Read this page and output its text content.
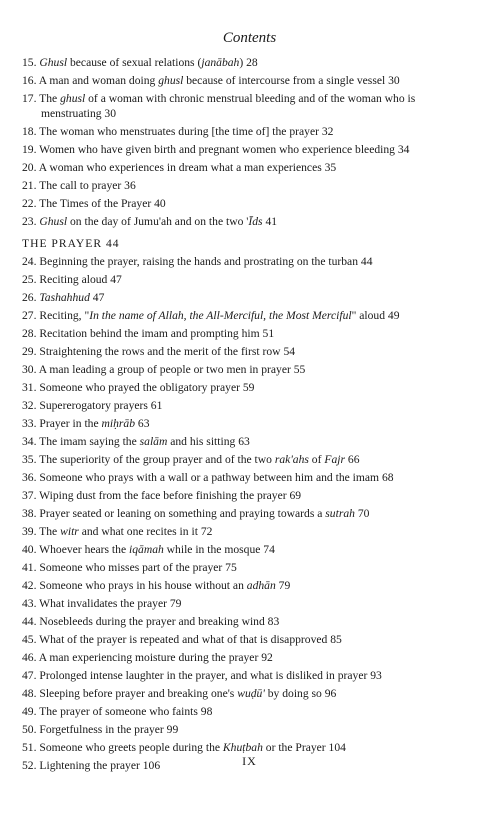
Contents
15. Ghusl because of sexual relations (janābah) 28
16. A man and woman doing ghusl because of intercourse from a single vessel 30
17. The ghusl of a woman with chronic menstrual bleeding and of the woman who is
menstruating 30
18. The woman who menstruates during [the time of] the prayer 32
19. Women who have given birth and pregnant women who experience bleeding 34
20. A woman who experiences in dream what a man experiences 35
21. The call to prayer 36
22. The Times of the Prayer 40
23. Ghusl on the day of Jumu'ah and on the two 'Īds 41
THE PRAYER 44
24. Beginning the prayer, raising the hands and prostrating on the turban 44
25. Reciting aloud 47
26. Tashahhud 47
27. Reciting, "In the name of Allah, the All-Merciful, the Most Merciful" aloud 49
28. Recitation behind the imam and prompting him 51
29. Straightening the rows and the merit of the first row 54
30. A man leading a group of people or two men in prayer 55
31. Someone who prayed the obligatory prayer 59
32. Supererogatory prayers 61
33. Prayer in the miḥrāb 63
34. The imam saying the salām and his sitting 63
35. The superiority of the group prayer and of the two rak'ahs of Fajr 66
36. Someone who prays with a wall or a pathway between him and the imam 68
37. Wiping dust from the face before finishing the prayer 69
38. Prayer seated or leaning on something and praying towards a sutrah 70
39. The witr and what one recites in it 72
40. Whoever hears the iqāmah while in the mosque 74
41. Someone who misses part of the prayer 75
42. Someone who prays in his house without an adhān 79
43. What invalidates the prayer 79
44. Nosebleeds during the prayer and breaking wind 83
45. What of the prayer is repeated and what of that is disapproved 85
46. A man experiencing moisture during the prayer 92
47. Prolonged intense laughter in the prayer, and what is disliked in prayer 93
48. Sleeping before prayer and breaking one's wuḍū' by doing so 96
49. The prayer of someone who faints 98
50. Forgetfulness in the prayer 99
51. Someone who greets people during the Khuṭbah or the Prayer 104
52. Lightening the prayer 106	IX
